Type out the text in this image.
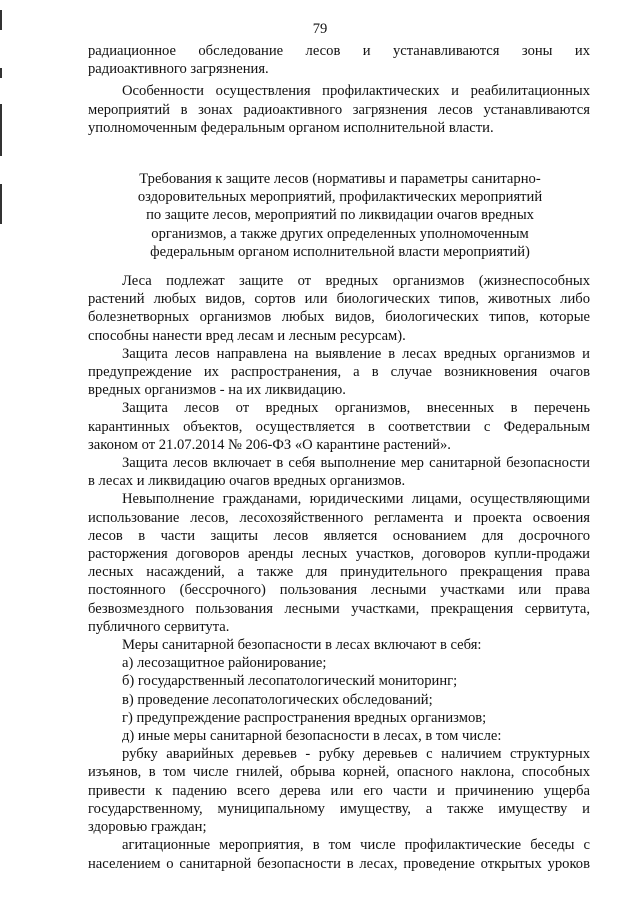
79

радиационное обследование лесов и устанавливаются зоны их

радиоактивного загрязнения.

Особенности осуществления профилактических и реабилитационных

мероприятий в зонах радиоактивного загрязнения лесов устанавливаются

уполномоченным федеральным органом исполнительной власти.

Требования к защите лесов (нормативы и параметры санитарно-

оздоровительных мероприятий, профилактических мероприятий

по защите лесов, мероприятий по ликвидации очагов вредных

организмов, а также других определенных уполномоченным

федеральным органом исполнительной власти мероприятий)

Леса подлежат защите от вредных организмов (жизнеспособных

растений любых видов, сортов или биологических типов, животных либо

болезнетворных организмов любых видов, биологических типов, которые

способны нанести вред лесам и лесным ресурсам).

Защита лесов направлена на выявление в лесах вредных организмов и

предупреждение их распространения, а в случае возникновения очагов

вредных организмов - на их ликвидацию.

Защита лесов от вредных организмов, внесенных в перечень

карантинных объектов, осуществляется в соответствии с Федеральным

законом от 21.07.2014 № 206-ФЗ «О карантине растений».

Защита лесов включает в себя выполнение мер санитарной безопасности

в лесах и ликвидацию очагов вредных организмов.

Невыполнение гражданами, юридическими лицами, осуществляющими

использование лесов, лесохозяйственного регламента и проекта освоения

лесов в части защиты лесов является основанием для досрочного

расторжения договоров аренды лесных участков, договоров купли-продажи

лесных насаждений, а также для принудительного прекращения права

постоянного (бессрочного) пользования лесными участками или права

безвозмездного пользования лесными участками, прекращения сервитута,

публичного сервитута.

Меры санитарной безопасности в лесах включают в себя:

а) лесозащитное районирование;

б) государственный лесопатологический мониторинг;

в) проведение лесопатологических обследований;

г) предупреждение распространения вредных организмов;

д) иные меры санитарной безопасности в лесах, в том числе:

рубку аварийных деревьев - рубку деревьев с наличием структурных

изъянов, в том числе гнилей, обрыва корней, опасного наклона, способных

привести к падению всего дерева или его части и причинению ущерба

государственному, муниципальному имуществу, а также имуществу и

здоровью граждан;

агитационные мероприятия, в том числе профилактические беседы с

населением о санитарной безопасности в лесах, проведение открытых уроков
